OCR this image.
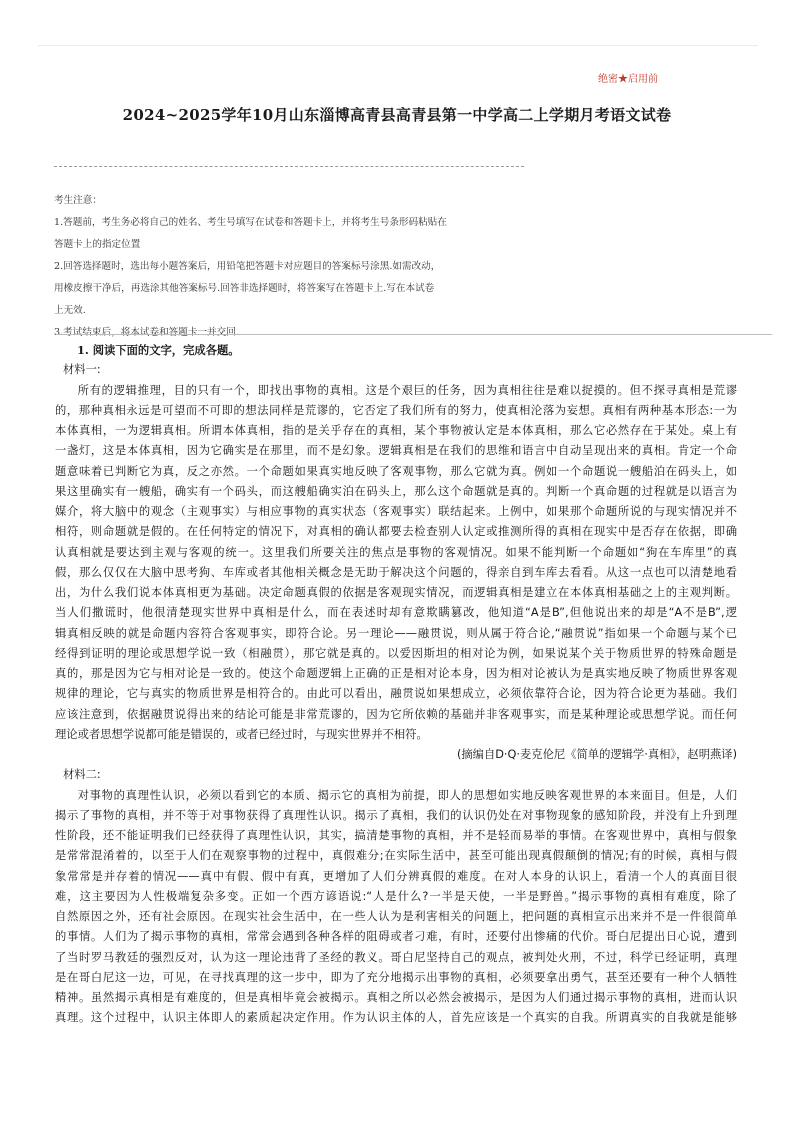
绝密★启用前
2024~2025学年10月山东淄博高青县高青县第一中学高二上学期月考语文试卷
考生注意：
1.答题前，考生务必将自己的姓名、考生号填写在试卷和答题卡上，并将考生号条形码粘贴在
答题卡上的指定位置
2.回答选择题时，选出每小题答案后，用铅笔把答题卡对应题目的答案标号涂黑.如需改动，
用橡皮擦干净后，再选涂其他答案标号.回答非选择题时，将答案写在答题卡上.写在本试卷
上无效.
3.考试结束后，将本试卷和答题卡一并交回.
1. 阅读下面的文字，完成各题。
材料一:
所有的逻辑推理，目的只有一个，即找出事物的真相。这是个艰巨的任务，因为真相往往是难以捉摸的。但不探寻真相是荒谬
的，那种真相永远是可望而不可即的想法同样是荒谬的，它否定了我们所有的努力，使真相沦落为妄想。真相有两种基本形态:一为
本体真相，一为逻辑真相。所谓本体真相，指的是关乎存在的真相，某个事物被认定是本体真相，那么它必然存在于某处。桌上有
一盏灯，这是本体真相，因为它确实是在那里，而不是幻象。逻辑真相是在我们的思维和语言中自动呈现出来的真相。肯定一个命
题意味着已判断它为真，反之亦然。一个命题如果真实地反映了客观事物，那么它就为真。例如一个命题说一艘船泊在码头上，如
果这里确实有一艘船，确实有一个码头，而这艘船确实泊在码头上，那么这个命题就是真的。判断一个真命题的过程就是以语言为
媒介，将大脑中的观念（主观事实）与相应事物的真实状态（客观事实）联结起来。上例中，如果那个命题所说的与现实情况并不
相符，则命题就是假的。在任何特定的情况下，对真相的确认都要去检查别人认定或推测所得的真相在现实中是否存在依据，即确
认真相就是要达到主观与客观的统一。这里我们所要关注的焦点是事物的客观情况。如果不能判断一个命题如“狗在车库里”的真
假，那么仅仅在大脑中思考狗、车库或者其他相关概念是无助于解决这个问题的，得亲自到车库去看看。从这一点也可以清楚地看
出，为什么我们说本体真相更为基础。决定命题真假的依据是客观现实情况，而逻辑真相是建立在本体真相基础之上的主观判断。
当人们撒谎时，他很清楚现实世界中真相是什么，而在表述时却有意欺瞒篡改，他知道“A是B”,但他说出来的却是“A不是B”,逻
辑真相反映的就是命题内容符合客观事实，即符合论。另一理论——融贯说，则从属于符合论,“融贯说”指如果一个命题与某个已
经得到证明的理论或思想学说一致（相融贯），那它就是真的。以爱因斯坦的相对论为例，如果说某个关于物质世界的特殊命题是
真的，那是因为它与相对论是一致的。使这个命题逻辑上正确的正是相对论本身，因为相对论被认为是真实地反映了物质世界客观
规律的理论，它与真实的物质世界是相符合的。由此可以看出，融贯说如果想成立，必须依靠符合论，因为符合论更为基础。我们
应该注意到，依据融贯说得出来的结论可能是非常荒谬的，因为它所依赖的基础并非客观事实，而是某种理论或思想学说。而任何
理论或者思想学说都可能是错误的，或者已经过时，与现实世界并不相符。
(摘编自D·Q·麦克伦尼《简单的逻辑学·真相》，赵明燕译)
材料二:
对事物的真理性认识，必须以看到它的本质、揭示它的真相为前提，即人的思想如实地反映客观世界的本来面目。但是，人们
揭示了事物的真相，并不等于对事物获得了真理性认识。揭示了真相，我们的认识仍处在对事物现象的感知阶段，并没有上升到理
性阶段，还不能证明我们已经获得了真理性认识，其实，搞清楚事物的真相，并不是轻而易举的事情。在客观世界中，真相与假象
是常常混淆着的，以至于人们在观察事物的过程中，真假难分;在实际生活中，甚至可能出现真假颠倒的情况;有的时候，真相与假
象常常是并存着的情况——真中有假、假中有真，更增加了人们分辨真假的难度。在对人本身的认识上，看清一个人的真面目很
难，这主要因为人性极端复杂多变。正如一个西方谚语说:“人是什么?一半是天使，一半是野兽。”揭示事物的真相有难度，除了
自然原因之外，还有社会原因。在现实社会生活中，在一些人认为是利害相关的问题上，把问题的真相宣示出来并不是一件很简单
的事情。人们为了揭示事物的真相，常常会遇到各种各样的阻碍或者刁难，有时，还要付出惨痛的代价。哥白尼提出日心说，遭到
了当时罗马教廷的强烈反对，认为这一理论违背了圣经的教义。哥白尼坚持自己的观点，被判处火刑，不过，科学已经证明，真理
是在哥白尼这一边，可见，在寻找真理的这一步中，即为了充分地揭示出事物的真相，必须要拿出勇气，甚至还要有一种个人牺牲
精神。虽然揭示真相是有难度的，但是真相毕竟会被揭示。真相之所以必然会被揭示，是因为人们通过揭示事物的真相，进而认识
真理。这个过程中，认识主体即人的素质起决定作用。作为认识主体的人，首先应该是一个真实的自我。所谓真实的自我就是能够
